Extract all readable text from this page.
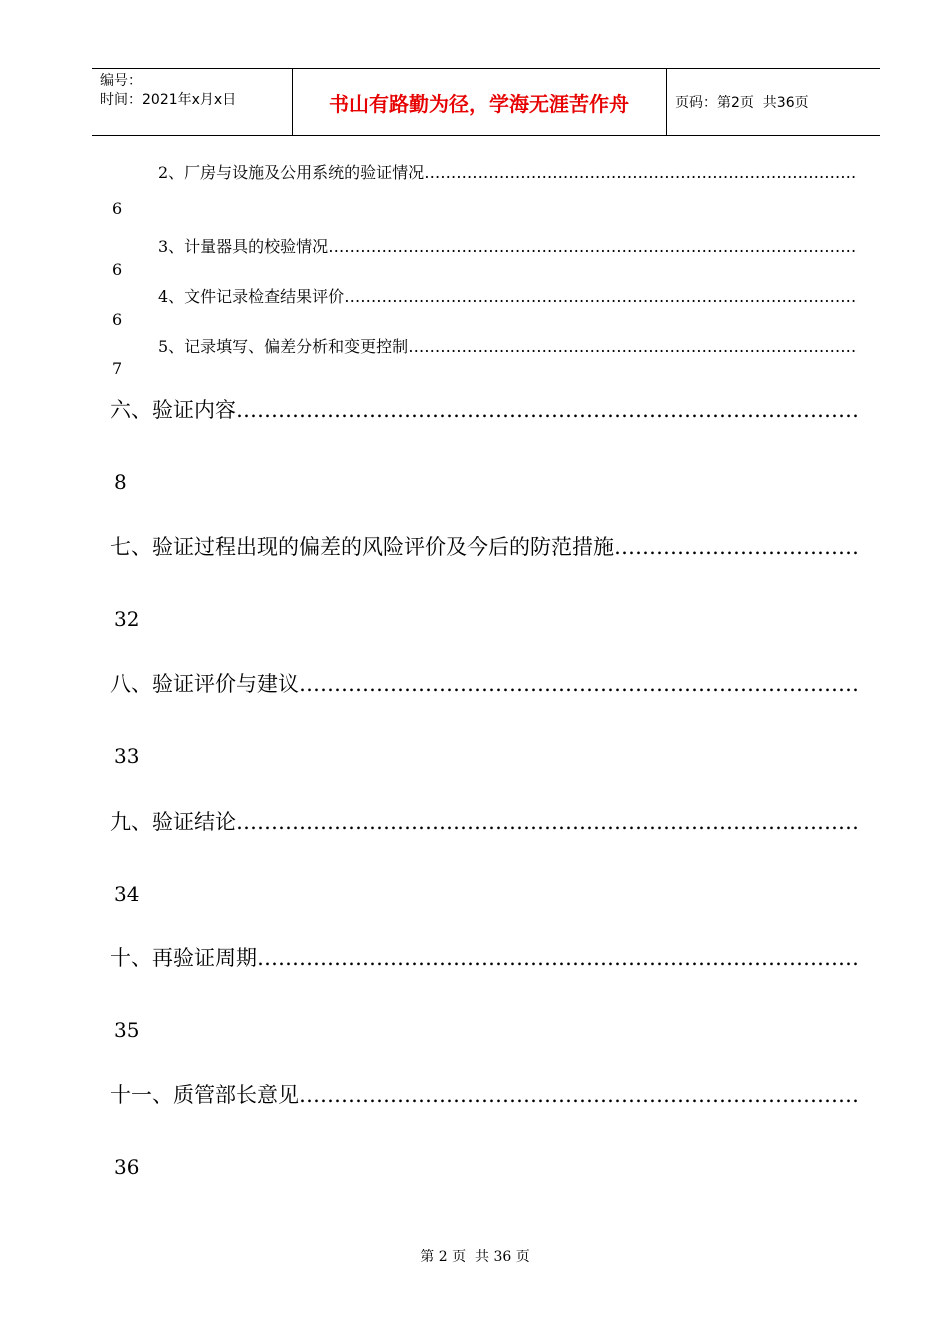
编号：
时间：2021年x月x日	书山有路勤为径，学海无涯苦作舟	页码：第2页  共36页
2、厂房与设施及公用系统的验证情况
……………………………………………………………………………………………………………………………………………………………………………………
6
3、计量器具的校验情况
……………………………………………………………………………………………………………………………………………………………………………………
6
4、文件记录检查结果评价
……………………………………………………………………………………………………………………………………………………………………………………
6
5、记录填写、偏差分析和变更控制
……………………………………………………………………………………………………………………………………………………………………………………
7
六、验证内容
……………………………………………………………………………………………………………………………………………………………………………………
8
七、验证过程出现的偏差的风险评价及今后的防范措施
……………………………………………………………………………………………………………………………………………………………………………………
32
八、验证评价与建议
……………………………………………………………………………………………………………………………………………………………………………………
33
九、验证结论
……………………………………………………………………………………………………………………………………………………………………………………
34
十、再验证周期
……………………………………………………………………………………………………………………………………………………………………………………
35
十一、质管部长意见
……………………………………………………………………………………………………………………………………………………………………………………
36
第 2 页  共 36 页
